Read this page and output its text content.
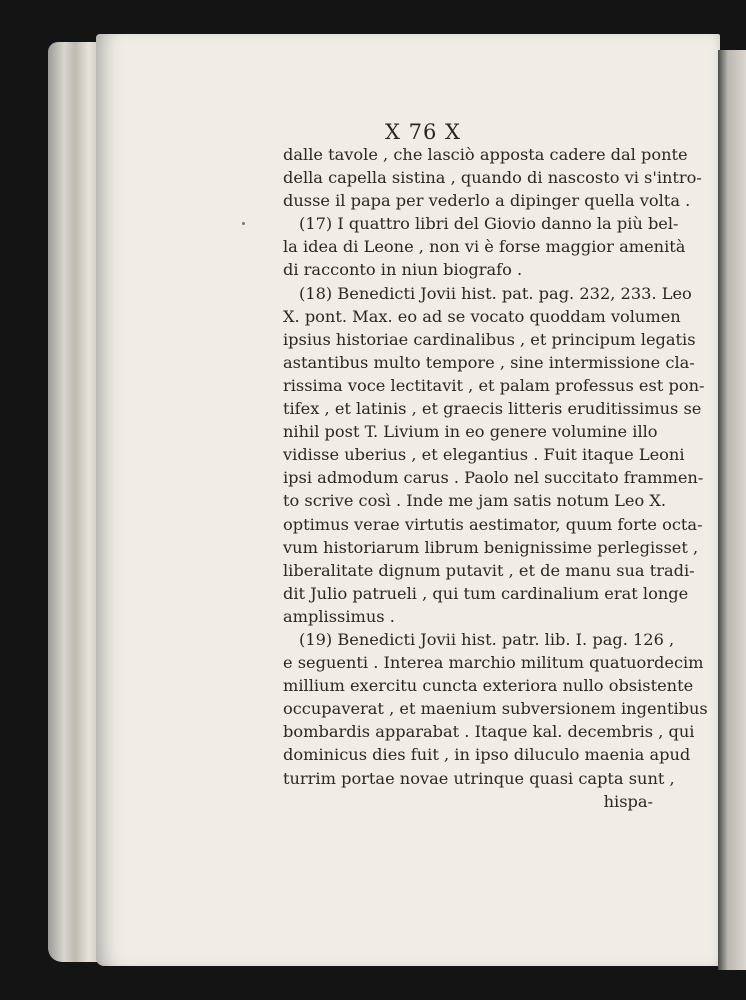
X 76 X
dalle tavole , che lasciò apposta cadere dal ponte
della capella sistina , quando di nascosto vi s'intro-
dusse il papa per vederlo a dipinger quella volta .
(17) I quattro libri del Giovio danno la più bel-
la idea di Leone , non vi è forse maggior amenità
di racconto in niun biografo .
(18) Benedicti Jovii hist. pat. pag. 232, 233. Leo
X. pont. Max. eo ad se vocato quoddam volumen
ipsius historiae cardinalibus , et principum legatis
astantibus multo tempore , sine intermissione cla-
rissima voce lectitavit , et palam professus est pon-
tifex , et latinis , et graecis litteris eruditissimus se
nihil post T. Livium in eo genere volumine illo
vidisse uberius , et elegantius . Fuit itaque Leoni
ipsi admodum carus . Paolo nel succitato frammen-
to scrive così . Inde me jam satis notum Leo X.
optimus verae virtutis aestimator, quum forte octa-
vum historiarum librum benignissime perlegisset ,
liberalitate dignum putavit , et de manu sua tradi-
dit Julio patrueli , qui tum cardinalium erat longe
amplissimus .
(19) Benedicti Jovii hist. patr. lib. I. pag. 126 ,
e seguenti . Interea marchio militum quatuordecim
millium exercitu cuncta exteriora nullo obsistente
occupaverat , et maenium subversionem ingentibus
bombardis apparabat . Itaque kal. decembris , qui
dominicus dies fuit , in ipso diluculo maenia apud
turrim portae novae utrinque quasi capta sunt ,
hispa-
